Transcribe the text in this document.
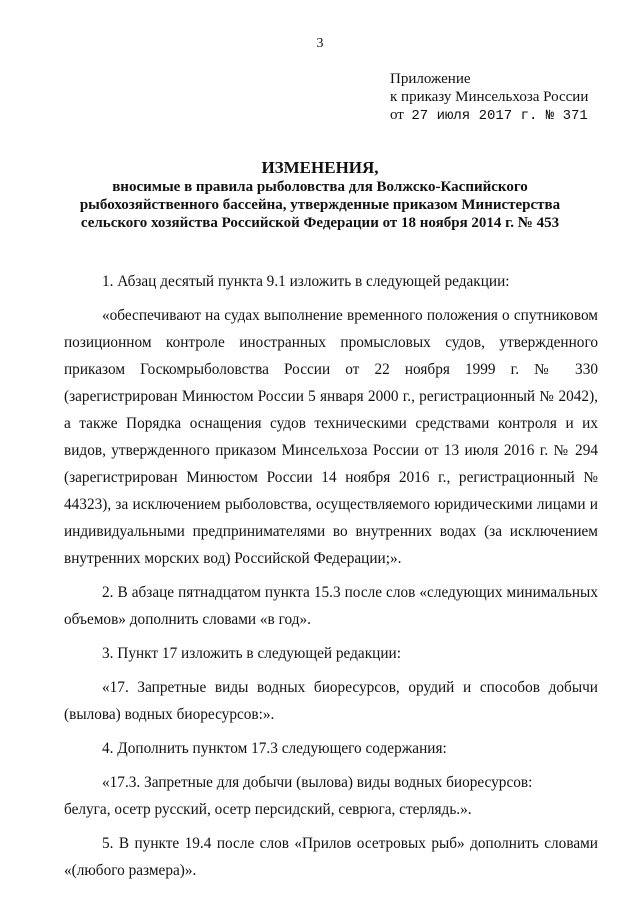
3
Приложение
к приказу Минсельхоза России
от 27 июля 2017 г. № 371
ИЗМЕНЕНИЯ,
вносимые в правила рыболовства для Волжско-Каспийского
рыбохозяйственного бассейна, утвержденные приказом Министерства
сельского хозяйства Российской Федерации от 18 ноября 2014 г. № 453

1. Абзац десятый пункта 9.1 изложить в следующей редакции:

«обеспечивают на судах выполнение временного положения о спутниковом позиционном контроле иностранных промысловых судов, утвержденного приказом Госкомрыболовства России от 22 ноября 1999 г. № 330 (зарегистрирован Минюстом России 5 января 2000 г., регистрационный № 2042), а также Порядка оснащения судов техническими средствами контроля и их видов, утвержденного приказом Минсельхоза России от 13 июля 2016 г. № 294 (зарегистрирован Минюстом России 14 ноября 2016 г., регистрационный № 44323), за исключением рыболовства, осуществляемого юридическими лицами и индивидуальными предпринимателями во внутренних водах (за исключением внутренних морских вод) Российской Федерации;».

2. В абзаце пятнадцатом пункта 15.3 после слов «следующих минимальных объемов» дополнить словами «в год».

3. Пункт 17 изложить в следующей редакции:

«17. Запретные виды водных биоресурсов, орудий и способов добычи (вылова) водных биоресурсов:».

4. Дополнить пунктом 17.3 следующего содержания:

«17.3. Запретные для добычи (вылова) виды водных биоресурсов:

белуга, осетр русский, осетр персидский, севрюга, стерлядь.».

5. В пункте 19.4 после слов «Прилов осетровых рыб» дополнить словами «(любого размера)».
